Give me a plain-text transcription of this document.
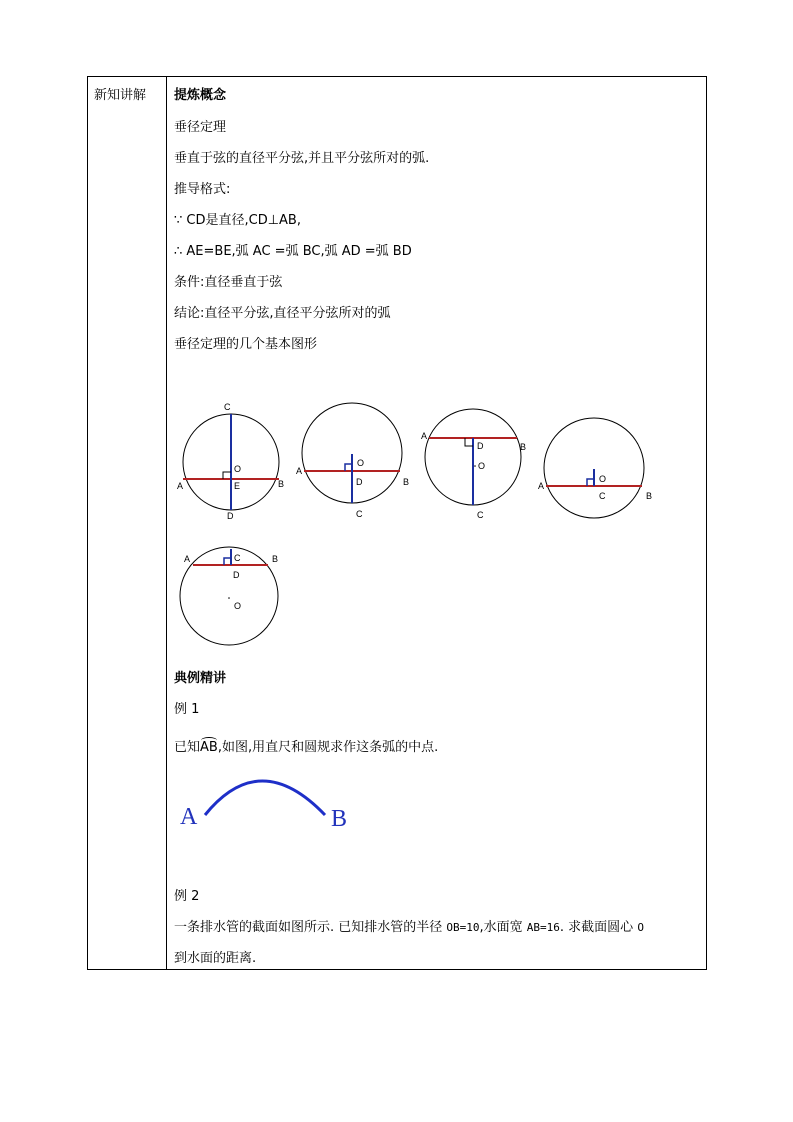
新知讲解 提炼概念
垂径定理
垂直于弦的直径平分弦,并且平分弦所对的弧.
推导格式:
∵ CD是直径,CD⊥AB,
∴ AE=BE,弧 AC =弧 BC,弧 AD =弧 BD
条件:直径垂直于弦
结论:直径平分弦,直径平分弦所对的弧
垂径定理的几个基本图形
C
O
A	E	B
D
O
A
D	B
C
A
D	B
O
C
O
A
C	B
A	C	B
D
O
典例精讲
例 1
已知AB,如图,用直尺和圆规求作这条弧的中点.
A	B
例 2
一条排水管的截面如图所示. 已知排水管的半径 OB=10,水面宽 AB=16. 求截面圆心 O
到水面的距离.
